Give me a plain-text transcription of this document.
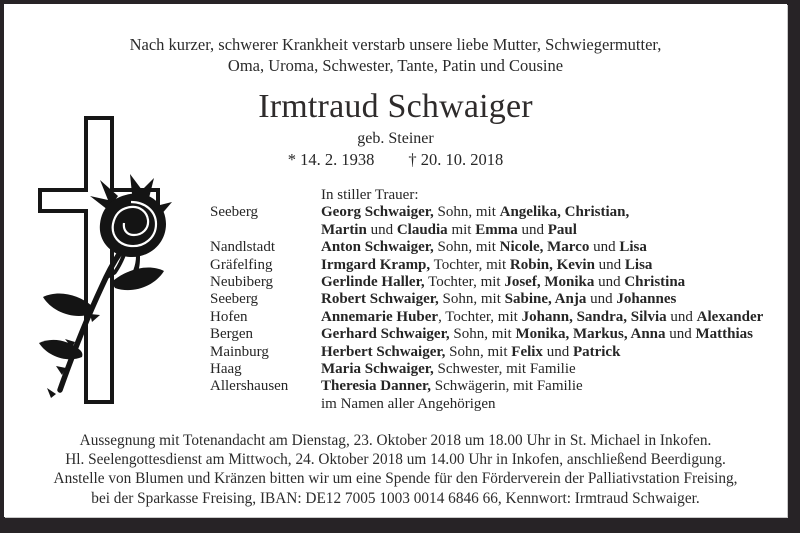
Nach kurzer, schwerer Krankheit verstarb unsere liebe Mutter, Schwiegermutter,
Oma, Uroma, Schwester, Tante, Patin und Cousine
Irmtraud Schwaiger
geb. Steiner
* 14. 2. 1938 † 20. 10. 2018
In stiller Trauer:
Seeberg	Georg Schwaiger, Sohn, mit Angelika, Christian,
Martin und Claudia mit Emma und Paul
Nandlstadt	Anton Schwaiger, Sohn, mit Nicole, Marco und Lisa
Gräfelfing	Irmgard Kramp, Tochter, mit Robin, Kevin und Lisa
Neubiberg	Gerlinde Haller, Tochter, mit Josef, Monika und Christina
Seeberg	Robert Schwaiger, Sohn, mit Sabine, Anja und Johannes
Hofen	Annemarie Huber, Tochter, mit Johann, Sandra, Silvia und Alexander
Bergen	Gerhard Schwaiger, Sohn, mit Monika, Markus, Anna und Matthias
Mainburg	Herbert Schwaiger, Sohn, mit Felix und Patrick
Haag	Maria Schwaiger, Schwester, mit Familie
Allershausen	Theresia Danner, Schwägerin, mit Familie
im Namen aller Angehörigen
Aussegnung mit Totenandacht am Dienstag, 23. Oktober 2018 um 18.00 Uhr in St. Michael in Inkofen.
Hl. Seelengottesdienst am Mittwoch, 24. Oktober 2018 um 14.00 Uhr in Inkofen, anschließend Beerdigung.
Anstelle von Blumen und Kränzen bitten wir um eine Spende für den Förderverein der Palliativstation Freising,
bei der Sparkasse Freising, IBAN: DE12 7005 1003 0014 6846 66, Kennwort: Irmtraud Schwaiger.
